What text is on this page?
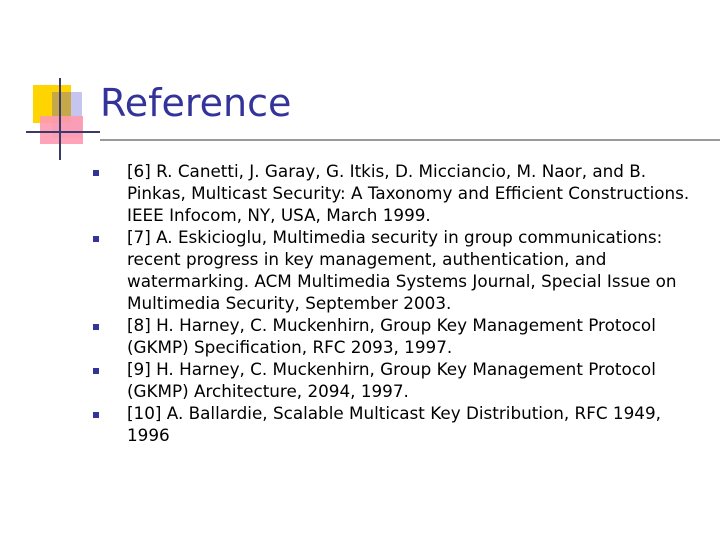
Reference
[6] R. Canetti, J. Garay, G. Itkis, D. Micciancio, M. Naor, and B. Pinkas, Multicast Security: A Taxonomy and Efficient Constructions. IEEE Infocom, NY, USA, March 1999.
[7] A. Eskicioglu, Multimedia security in group communications: recent progress in key management, authentication, and watermarking. ACM Multimedia Systems Journal, Special Issue on Multimedia Security, September 2003.
[8] H. Harney, C. Muckenhirn, Group Key Management Protocol (GKMP) Specification, RFC 2093, 1997.
[9] H. Harney, C. Muckenhirn, Group Key Management Protocol (GKMP) Architecture, 2094, 1997.
[10] A. Ballardie, Scalable Multicast Key Distribution, RFC 1949, 1996
